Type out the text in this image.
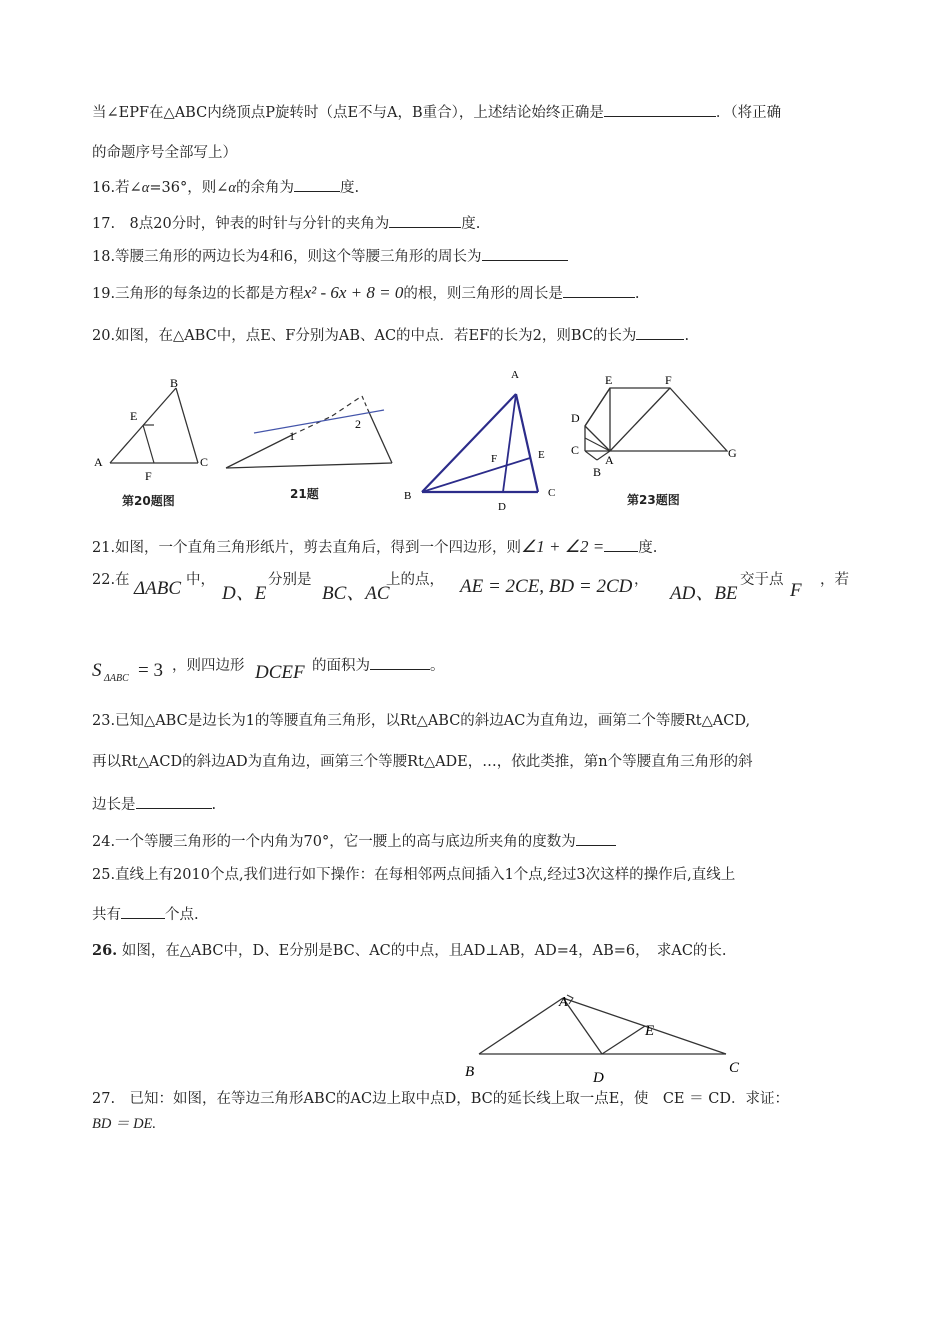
当∠EPF在△ABC内绕顶点P旋转时（点E不与A，B重合），上述结论始终正确是	．（将正确
的命题序号全部写上）
16.若∠α=36°，则∠α的余角为	度.
17.　8点20分时，钟表的时针与分针的夹角为	度.
18.等腰三角形的两边长为4和6，则这个等腰三角形的周长为
19.三角形的每条边的长都是方程x² - 6x + 8 = 0的根，则三角形的周长是	.
20.如图，在△ABC中，点E、F分别为AB、AC的中点．若EF的长为2，则BC的长为	.
A
B
C
E
F
第20题图
1
2
21题
A
B	C
D
E
F
E	F
D
C
A
B
G
第23题图
21.如图，一个直角三角形纸片，剪去直角后，得到一个四边形，则∠1 + ∠2 = 度.
22.在 ΔABC 中，
D、E
分别是
BC、AC
上的点， AE = 2CE, BD = 2CD ，
AD、BE
交于点 F ，若
S ΔABC = 3 ，则四边形 DCEF 的面积为	。
23.已知△ABC是边长为1的等腰直角三角形，以Rt△ABC的斜边AC为直角边，画第二个等腰Rt△ACD,
再以Rt△ACD的斜边AD为直角边，画第三个等腰Rt△ADE，…，依此类推，第n个等腰直角三角形的斜
边长是	.
24.一个等腰三角形的一个内角为70°，它一腰上的高与底边所夹角的度数为
25.直线上有2010个点,我们进行如下操作：在每相邻两点间插入1个点,经过3次这样的操作后,直线上
共有	个点.
26. 如图，在△ABC中，D、E分别是BC、AC的中点，且AD⊥AB，AD=4，AB=6，　求AC的长.
A
B	C
D
E
27.　已知：如图，在等边三角形ABC的AC边上取中点D，BC的延长线上取一点E，使　CE ＝ CD．求证：
BD ＝ DE.
